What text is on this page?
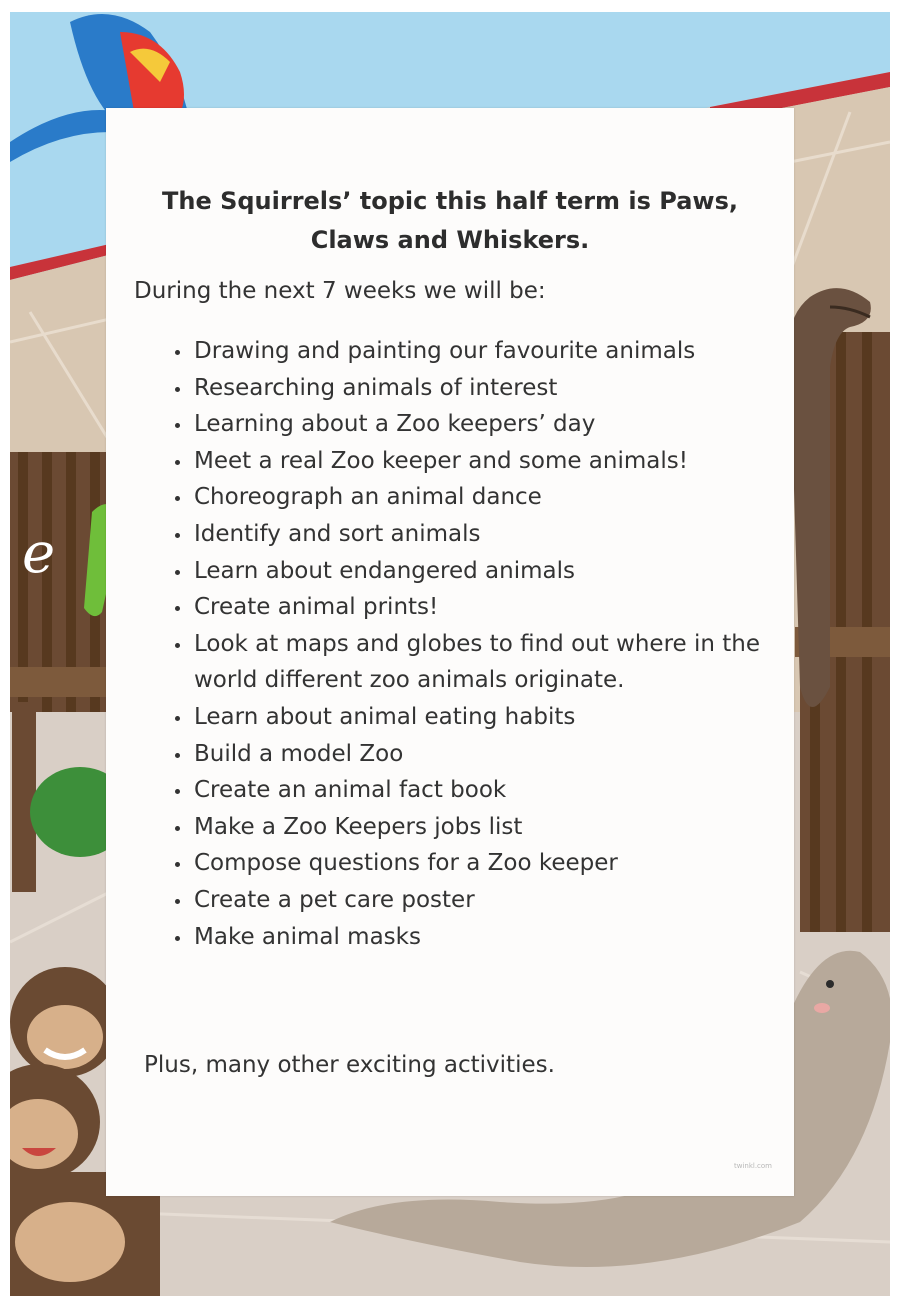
e

The Squirrels’ topic this half term is Paws, Claws and Whiskers.

During the next 7 weeks we will be:

• Drawing and painting our favourite animals
• Researching animals of interest
• Learning about a Zoo keepers’ day
• Meet a real Zoo keeper and some animals!
• Choreograph an animal dance
• Identify and sort animals
• Learn about endangered animals
• Create animal prints!
• Look at maps and globes to find out where in the world different zoo animals originate.
• Learn about animal eating habits
• Build a model Zoo
• Create an animal fact book
• Make a Zoo Keepers jobs list
• Compose questions for a Zoo keeper
• Create a pet care poster
• Make animal masks

Plus, many other exciting activities.

twinkl.com
